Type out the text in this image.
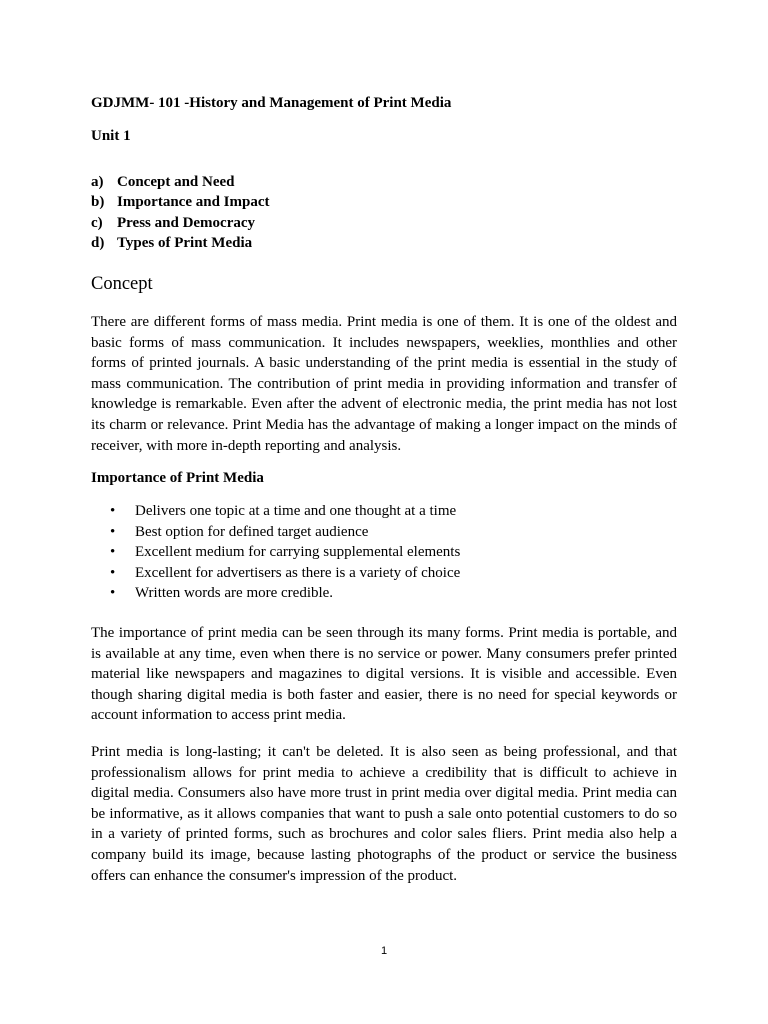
GDJMM- 101 -History and Management of Print Media
Unit 1
a) Concept and Need
b) Importance and Impact
c) Press and Democracy
d) Types of Print Media
Concept

There are different forms of mass media. Print media is one of them. It is one of the oldest and basic forms of mass communication. It includes newspapers, weeklies, monthlies and other forms of printed journals. A basic understanding of the print media is essential in the study of mass communication. The contribution of print media in providing information and transfer of knowledge is remarkable. Even after the advent of electronic media, the print media has not lost its charm or relevance. Print Media has the advantage of making a longer impact on the minds of receiver, with more in-depth reporting and analysis.

Importance of Print Media
•	Delivers one topic at a time and one thought at a time
•	Best option for defined target audience
•	Excellent medium for carrying supplemental elements
•	Excellent for advertisers as there is a variety of choice
•	Written words are more credible.

The importance of print media can be seen through its many forms. Print media is portable, and is available at any time, even when there is no service or power. Many consumers prefer printed material like newspapers and magazines to digital versions. It is visible and accessible. Even though sharing digital media is both faster and easier, there is no need for special keywords or account information to access print media.

Print media is long-lasting; it can't be deleted. It is also seen as being professional, and that professionalism allows for print media to achieve a credibility that is difficult to achieve in digital media. Consumers also have more trust in print media over digital media. Print media can be informative, as it allows companies that want to push a sale onto potential customers to do so in a variety of printed forms, such as brochures and color sales fliers. Print media also help a company build its image, because lasting photographs of the product or service the business offers can enhance the consumer's impression of the product.

1
